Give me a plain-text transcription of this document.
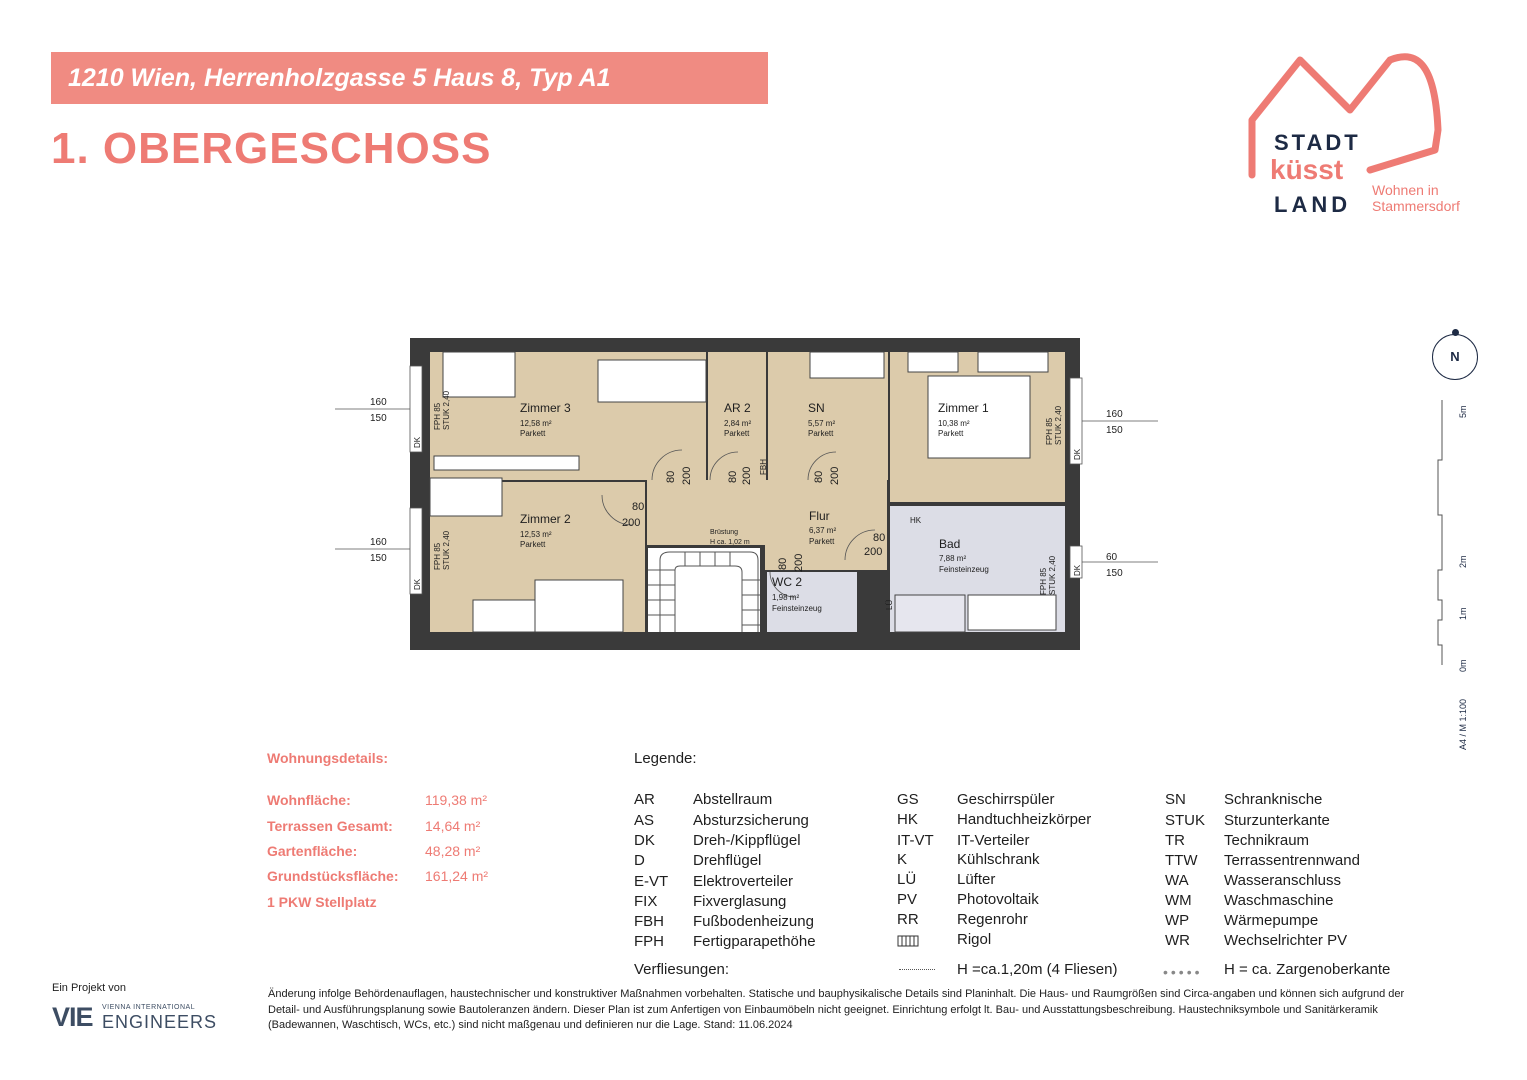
1210 Wien, Herrenholzgasse 5 Haus 8, Typ A1
1. OBERGESCHOSS	STADT
küsst
LAND
Wohnen in
Stammersdorf
80
200
80
200
80 200	80 200	80 200
80 200
160
150
160
150
160
150
60
150
DK
DK
DK
DK
FPH 85 STUK 2,40
FPH 85 STUK 2,40
FPH 85 STUK 2,40
FPH 85 STUK 2,40
HK
FBH
LÜ
Zimmer 3
12,58 m²
Parkett
AR 2
2,84 m²
Parkett
SN
5,57 m²
Parkett
Zimmer 1
10,38 m²
Parkett
Zimmer 2
12,53 m²
Parkett
Flur
6,37 m²
Parkett	Bad
7,88 m²
Feinsteinzeug
WC 2
1,98 m²
Feinsteinzeug
Brüstung
H ca. 1,02 m
N
5m
2m
1m
0m
A4 / M 1:100
Wohnungsdetails:
Wohnfläche:	119,38 m²
Terrassen Gesamt: 14,64 m²
Gartenfläche:	48,28 m²
Grundstücksfläche: 161,24 m²
1 PKW Stellplatz
Legende:
AR	Abstellraum
AS	Absturzsicherung
DK	Dreh-/Kippflügel
D	Drehflügel
E-VT Elektroverteiler
FIX Fixverglasung
FBH Fußbodenheizung
FPH Fertigparapethöhe
GS	Geschirrspüler
HK	Handtuchheizkörper
IT-VT IT-Verteiler
K	Kühlschrank
LÜ	Lüfter
PV	Photovoltaik
RR	Regenrohr
Rigol
SN	Schranknische
STUK Sturzunterkante
TR	Technikraum
TTW Terrassentrennwand
WA Wasseranschluss
WM Waschmaschine
WP Wärmepumpe
WR Wechselrichter PV
Verfliesungen:	H =ca.1,20m (4 Fliesen)	••••• H = ca. Zargenoberkante
Änderung infolge Behördenauflagen, haustechnischer und konstruktiver Maßnahmen vorbehalten. Statische und bauphysikalische Details sind Planinhalt. Die Haus- und Raumgrößen sind Circa-angaben und können sich aufgrund der Detail- und Ausführungsplanung sowie Bautoleranzen ändern. Dieser Plan ist zum Anfertigen von Einbaumöbeln nicht geeignet. Einrichtung erfolgt lt. Bau- und Ausstattungsbeschreibung. Haustechniksymbole und Sanitärkeramik (Badewannen, Waschtisch, WCs, etc.) sind nicht maßgenau und definieren nur die Lage. Stand: 11.06.2024
Ein Projekt von
VIE VIENNA INTERNATIONAL
ENGINEERS
